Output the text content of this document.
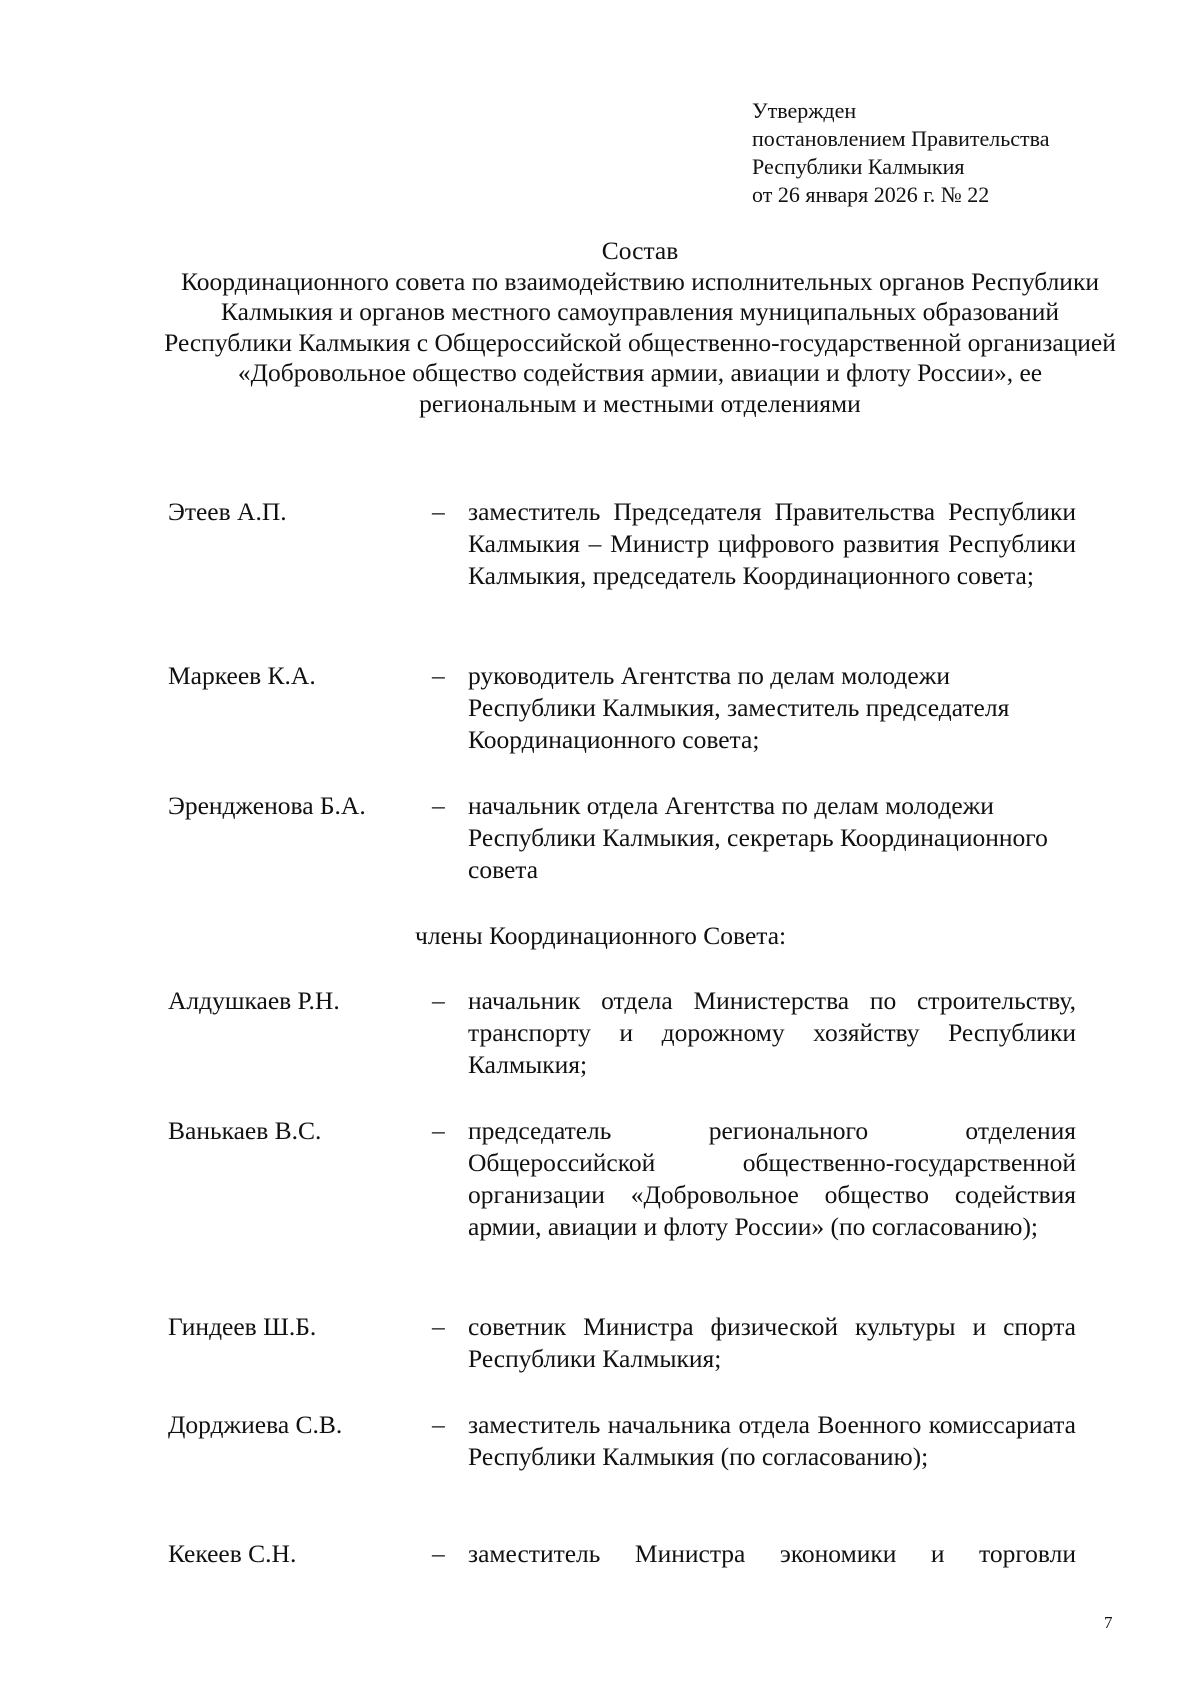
Утвержден
постановлением Правительства
Республики Калмыкия
от 26 января 2026 г. № 22
Состав
Координационного совета по взаимодействию исполнительных органов Республики Калмыкия и органов местного самоуправления муниципальных образований Республики Калмыкия с Общероссийской общественно-государственной организацией «Добровольное общество содействия армии, авиации и флоту России», ее региональным и местными отделениями
Этеев А.П.	– заместитель Председателя Правительства Республики Калмыкия – Министр цифрового развития Республики Калмыкия, председатель Координационного совета;
Маркеев К.А.	– руководитель Агентства по делам молодежи Республики Калмыкия, заместитель председателя Координационного совета;
Эрендженова Б.А.	– начальник отдела Агентства по делам молодежи Республики Калмыкия, секретарь Координационного совета
члены Координационного Совета:
Алдушкаев Р.Н.	– начальник отдела Министерства по строительству, транспорту и дорожному хозяйству Республики Калмыкия;
Ванькаев В.С.	– председатель регионального отделения Общероссийской общественно-государственной организации «Добровольное общество содействия армии, авиации и флоту России» (по согласованию);
Гиндеев Ш.Б.	– советник Министра физической культуры и спорта Республики Калмыкия;
Дорджиева С.В.	– заместитель начальника отдела Военного комиссариата Республики Калмыкия (по согласованию);
Кекеев С.Н.	– заместитель Министра экономики и торговли
7
